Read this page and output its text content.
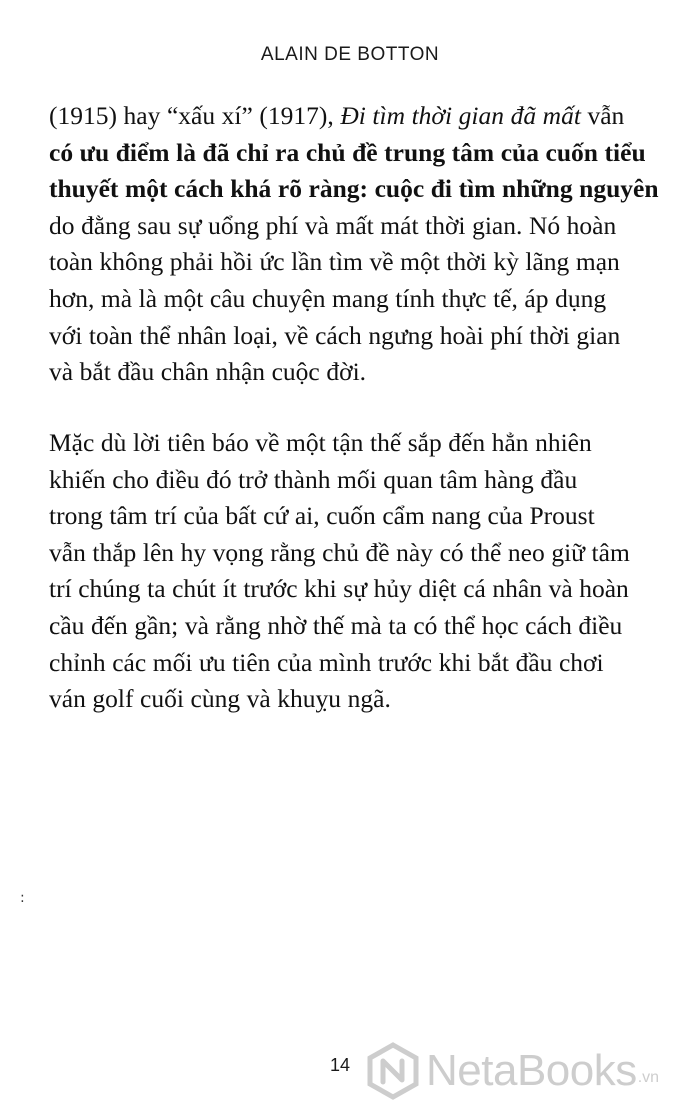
ALAIN DE BOTTON
(1915) hay “xấu xí” (1917), Đi tìm thời gian đã mất vẫn
có ưu điểm là đã chỉ ra chủ đề trung tâm của cuốn tiểu
thuyết một cách khá rõ ràng: cuộc đi tìm những nguyên
do đằng sau sự uổng phí và mất mát thời gian. Nó hoàn
toàn không phải hồi ức lần tìm về một thời kỳ lãng mạn
hơn, mà là một câu chuyện mang tính thực tế, áp dụng
với toàn thể nhân loại, về cách ngưng hoài phí thời gian
và bắt đầu chân nhận cuộc đời.
Mặc dù lời tiên báo về một tận thế sắp đến hẳn nhiên
khiến cho điều đó trở thành mối quan tâm hàng đầu
trong tâm trí của bất cứ ai, cuốn cẩm nang của Proust
vẫn thắp lên hy vọng rằng chủ đề này có thể neo giữ tâm
trí chúng ta chút ít trước khi sự hủy diệt cá nhân và hoàn
cầu đến gần; và rằng nhờ thế mà ta có thể học cách điều
chỉnh các mối ưu tiên của mình trước khi bắt đầu chơi
ván golf cuối cùng và khuỵu ngã.
:
14 NetaBooks .vn
